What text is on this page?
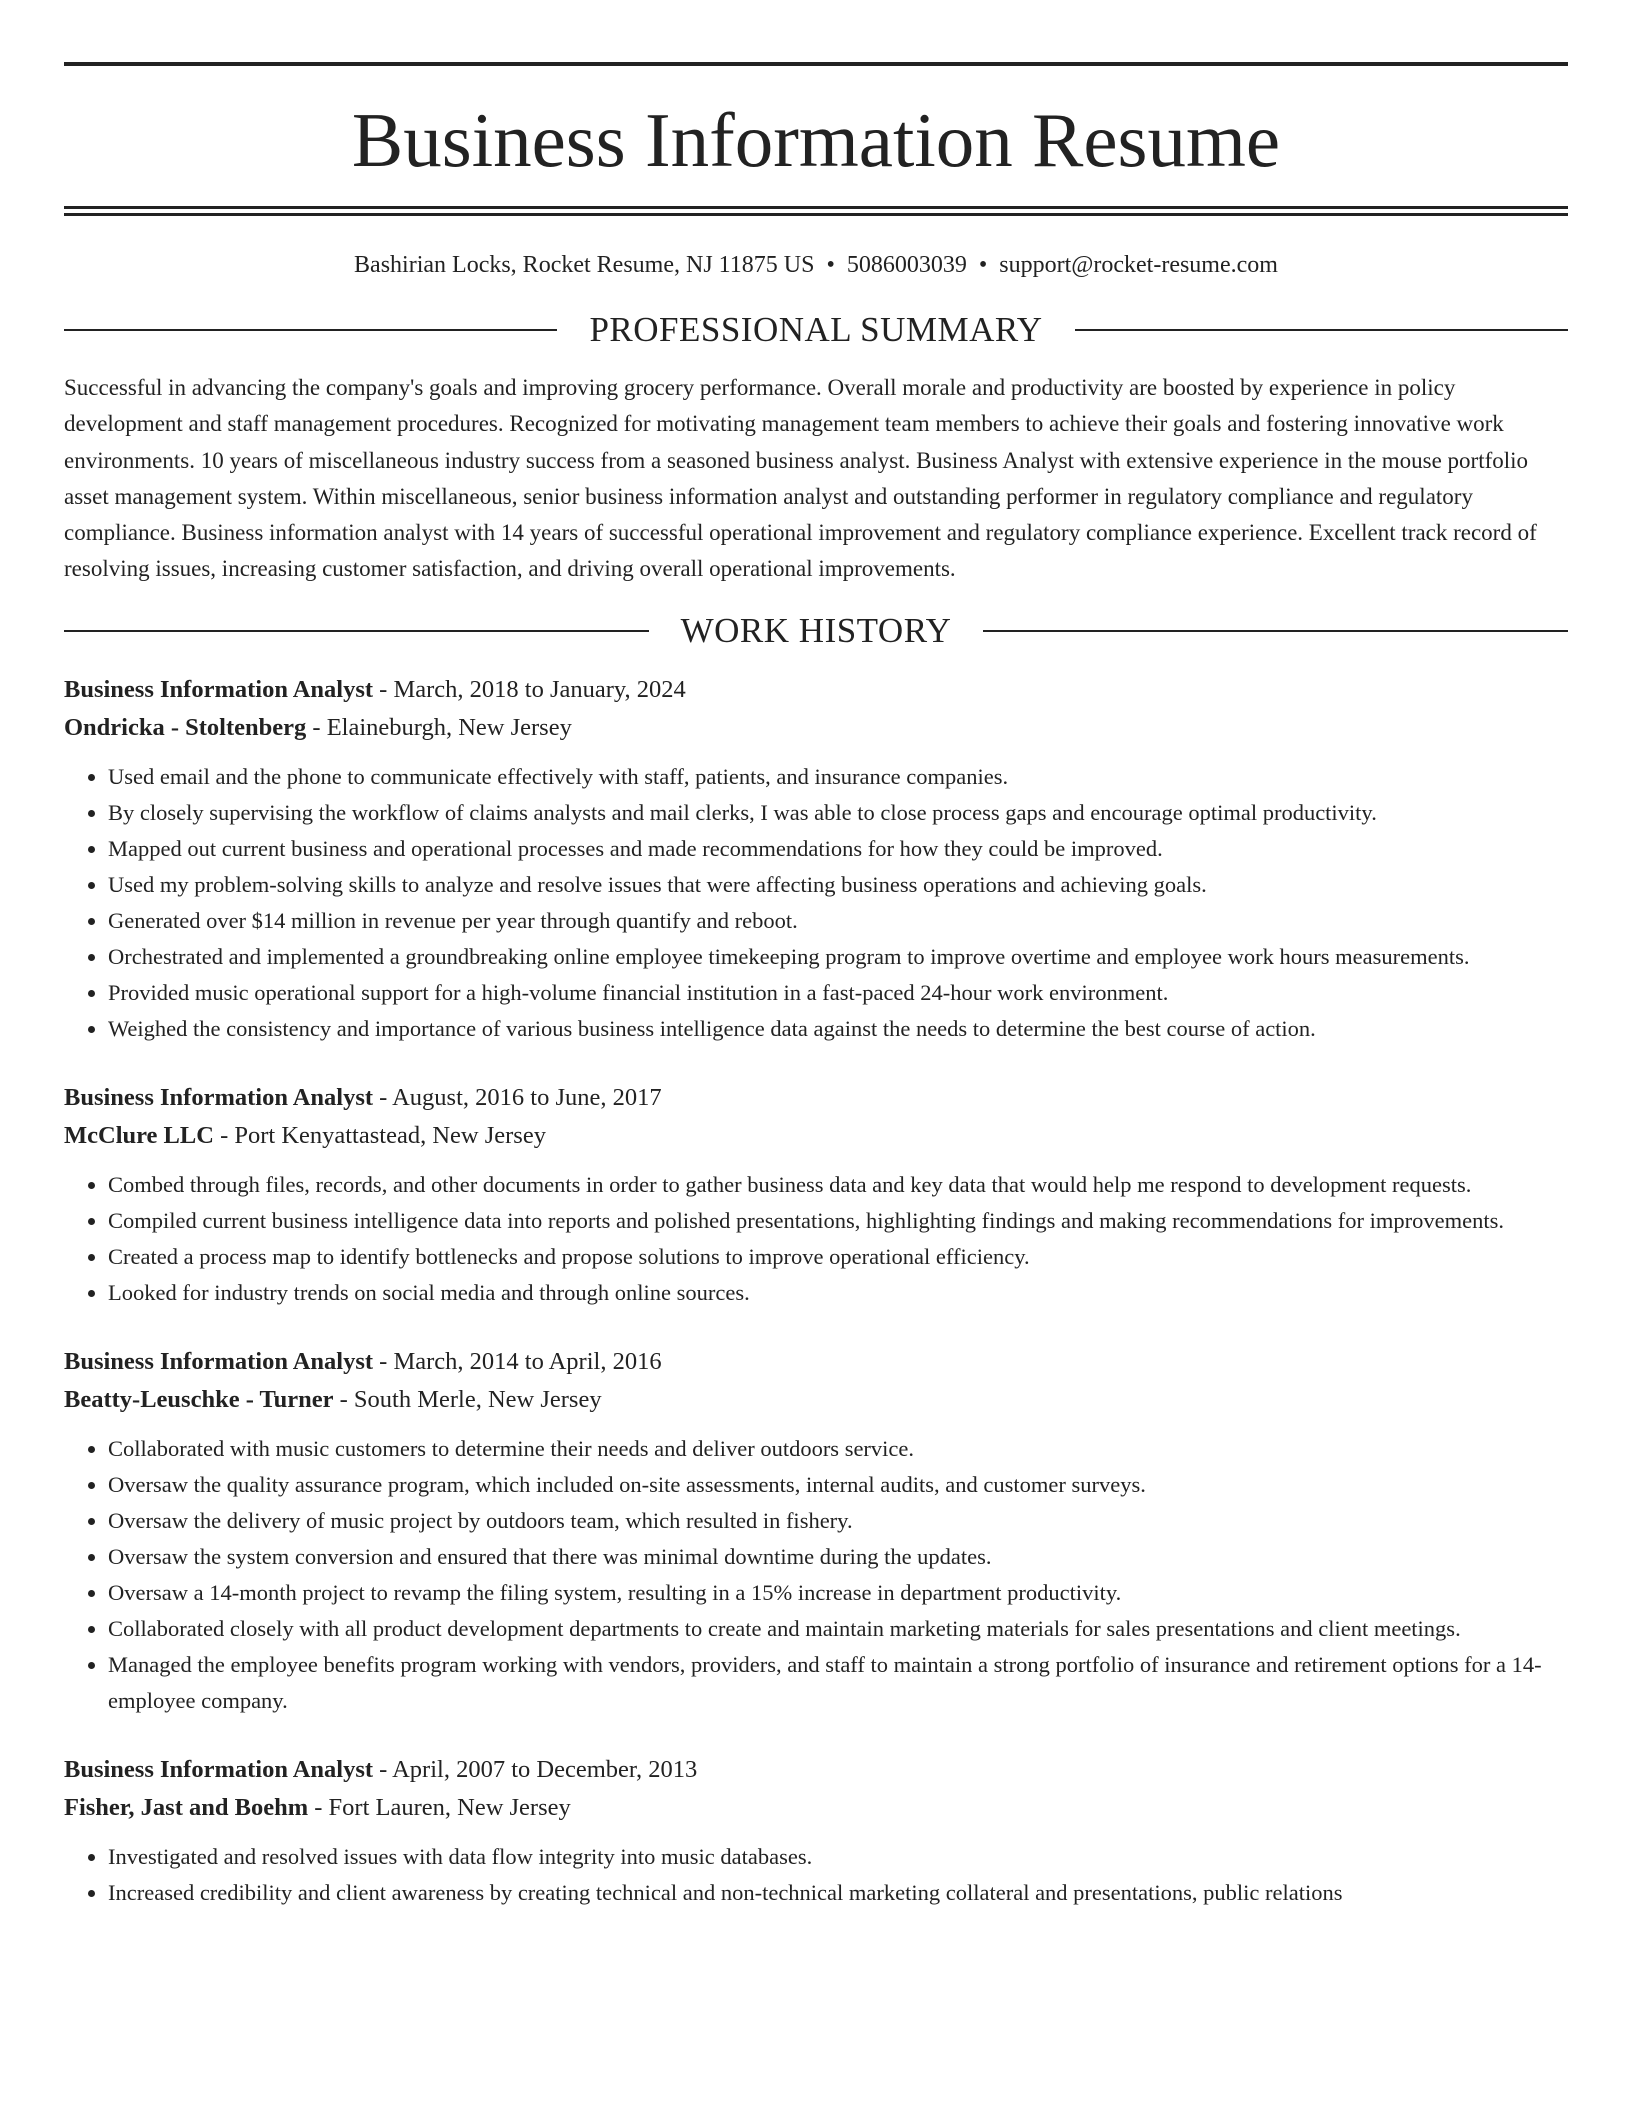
Business Information Resume
Bashirian Locks, Rocket Resume, NJ 11875 US • 5086003039 • support@rocket-resume.com
PROFESSIONAL SUMMARY

Successful in advancing the company's goals and improving grocery performance. Overall morale and productivity are boosted by experience in policy development and staff management procedures. Recognized for motivating management team members to achieve their goals and fostering innovative work environments. 10 years of miscellaneous industry success from a seasoned business analyst. Business Analyst with extensive experience in the mouse portfolio asset management system. Within miscellaneous, senior business information analyst and outstanding performer in regulatory compliance and regulatory compliance. Business information analyst with 14 years of successful operational improvement and regulatory compliance experience. Excellent track record of resolving issues, increasing customer satisfaction, and driving overall operational improvements.

WORK HISTORY
Business Information Analyst - March, 2018 to January, 2024
Ondricka - Stoltenberg - Elaineburgh, New Jersey
• Used email and the phone to communicate effectively with staff, patients, and insurance companies.
• By closely supervising the workflow of claims analysts and mail clerks, I was able to close process gaps and encourage optimal productivity.
• Mapped out current business and operational processes and made recommendations for how they could be improved.
• Used my problem-solving skills to analyze and resolve issues that were affecting business operations and achieving goals.
• Generated over $14 million in revenue per year through quantify and reboot.
• Orchestrated and implemented a groundbreaking online employee timekeeping program to improve overtime and employee work hours measurements.
• Provided music operational support for a high-volume financial institution in a fast-paced 24-hour work environment.
• Weighed the consistency and importance of various business intelligence data against the needs to determine the best course of action.
Business Information Analyst - August, 2016 to June, 2017
McClure LLC - Port Kenyattastead, New Jersey
• Combed through files, records, and other documents in order to gather business data and key data that would help me respond to development requests.
• Compiled current business intelligence data into reports and polished presentations, highlighting findings and making recommendations for improvements.
• Created a process map to identify bottlenecks and propose solutions to improve operational efficiency.
• Looked for industry trends on social media and through online sources.
Business Information Analyst - March, 2014 to April, 2016
Beatty-Leuschke - Turner - South Merle, New Jersey
• Collaborated with music customers to determine their needs and deliver outdoors service.
• Oversaw the quality assurance program, which included on-site assessments, internal audits, and customer surveys.
• Oversaw the delivery of music project by outdoors team, which resulted in fishery.
• Oversaw the system conversion and ensured that there was minimal downtime during the updates.
• Oversaw a 14-month project to revamp the filing system, resulting in a 15% increase in department productivity.
• Collaborated closely with all product development departments to create and maintain marketing materials for sales presentations and client meetings.
• Managed the employee benefits program working with vendors, providers, and staff to maintain a strong portfolio of insurance and retirement options for a 14-employee company.
Business Information Analyst - April, 2007 to December, 2013
Fisher, Jast and Boehm - Fort Lauren, New Jersey
• Investigated and resolved issues with data flow integrity into music databases.
• Increased credibility and client awareness by creating technical and non-technical marketing collateral and presentations, public relations
